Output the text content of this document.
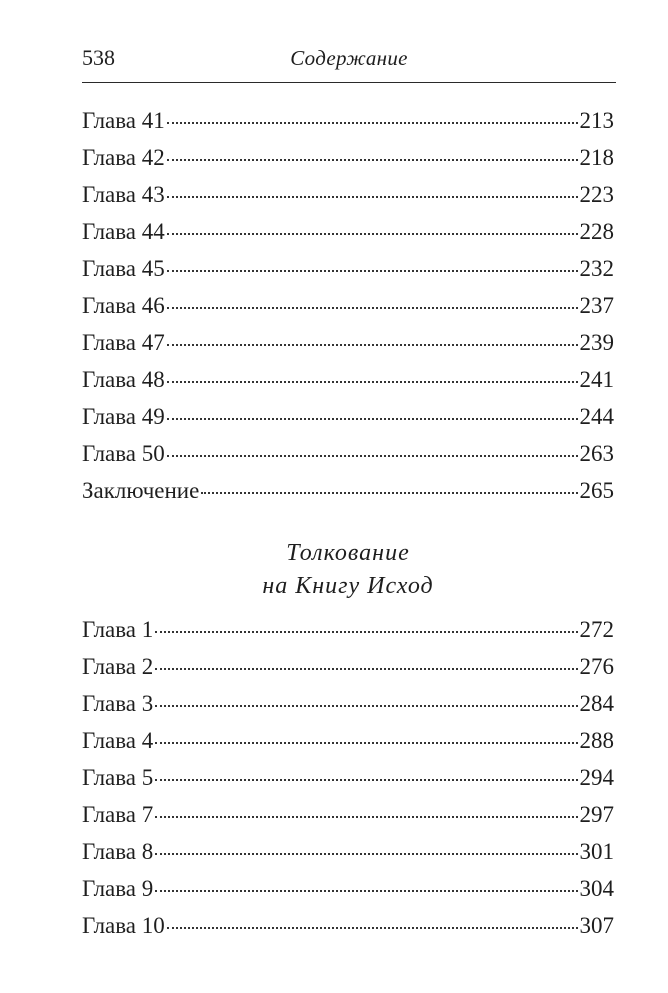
538	Содержание
Глава 41	213
Глава 42	218
Глава 43	223
Глава 44	228
Глава 45	232
Глава 46	237
Глава 47	239
Глава 48	241
Глава 49	244
Глава 50	263
Заключение	265
Толкование
на Книгу Исход
Глава 1	272
Глава 2	276
Глава 3	284
Глава 4	288
Глава 5	294
Глава 7	297
Глава 8	301
Глава 9	304
Глава 10	307
